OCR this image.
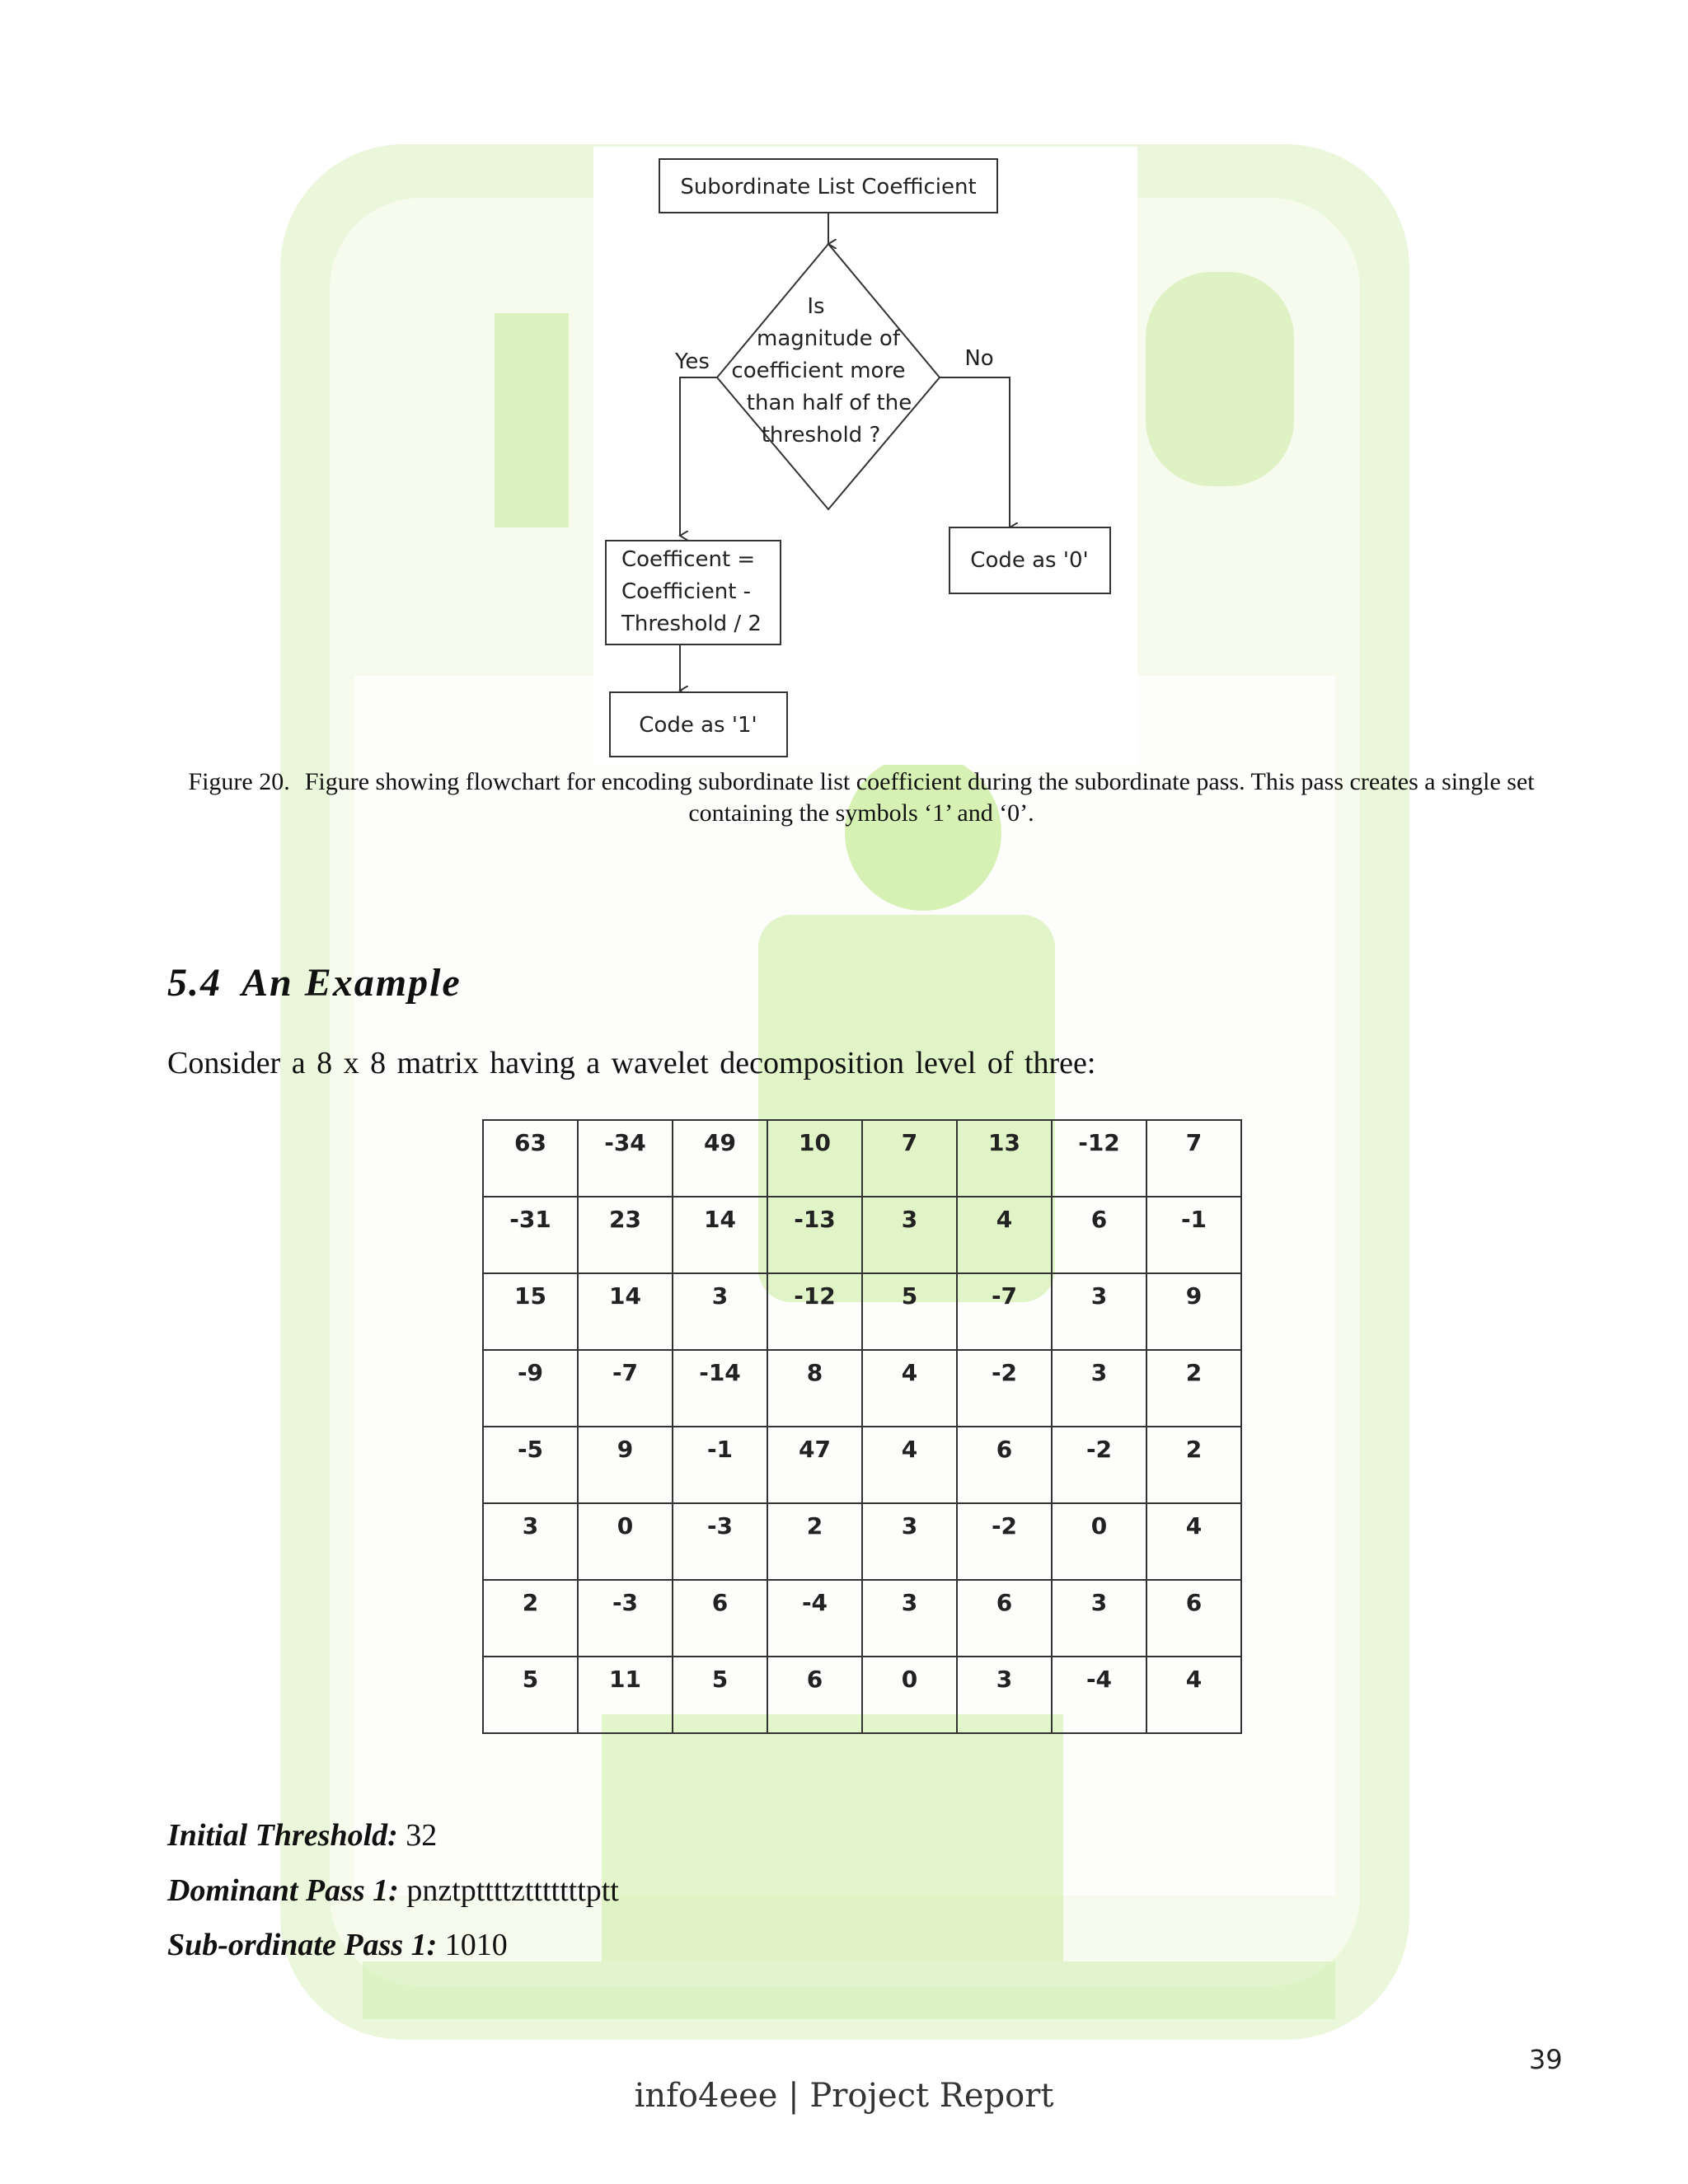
Subordinate List Coefficient
Is
magnitude of
coefficient more
than half of the
threshold ?
Yes	No
Coefficent =
Coefficient -
Threshold / 2
Code as '0'
Code as '1'
Figure 20. Figure showing flowchart for encoding subordinate list coefficient during the subordinate pass. This pass creates a single set containing the symbols ‘1’ and ‘0’.
5.4 An Example
Consider a 8 x 8 matrix having a wavelet decomposition level of three:
63	-34	49	10	7	13	-12	7
-31	23	14	-13	3	4	6	-1
15	14	3	-12	5	-7	3	9
-9	-7	-14	8	4	-2	3	2
-5	9	-1	47	4	6	-2	2
3	0	-3	2	3	-2	0	4
2	-3	6	-4	3	6	3	6
5	11	5	6	0	3	-4	4
Initial Threshold: 32
Dominant Pass 1: pnztpttttztttttttptt
Sub-ordinate Pass 1: 1010
39
info4eee | Project Report
